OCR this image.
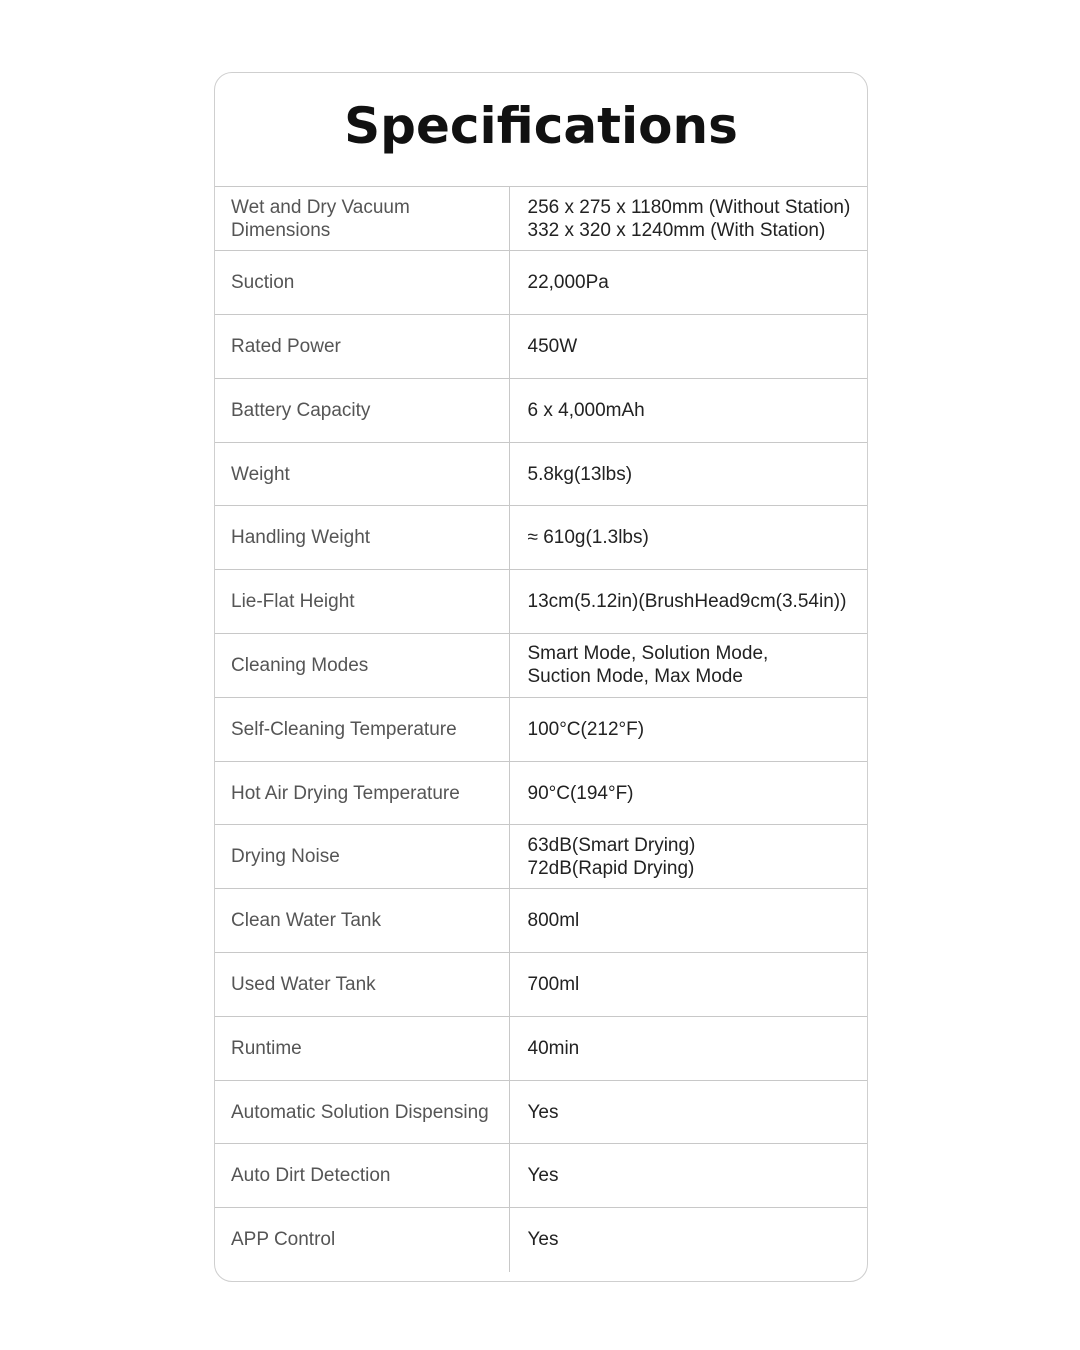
Specifications
Wet and Dry Vacuum Dimensions	256 x 275 x 1180mm (Without Station)
332 x 320 x 1240mm (With Station)

Suction	22,000Pa

Rated Power	450W

Battery Capacity	6 x 4,000mAh

Weight	5.8kg(13lbs)

Handling Weight	≈ 610g(1.3lbs)

Lie-Flat Height	13cm(5.12in)(BrushHead9cm(3.54in))

Cleaning Modes	Smart Mode, Solution Mode,
Suction Mode, Max Mode

Self-Cleaning Temperature	100°C(212°F)

Hot Air Drying Temperature	90°C(194°F)

Drying Noise	63dB(Smart Drying)
72dB(Rapid Drying)

Clean Water Tank	800ml

Used Water Tank	700ml

Runtime	40min

Automatic Solution Dispensing	Yes

Auto Dirt Detection	Yes

APP Control	Yes
